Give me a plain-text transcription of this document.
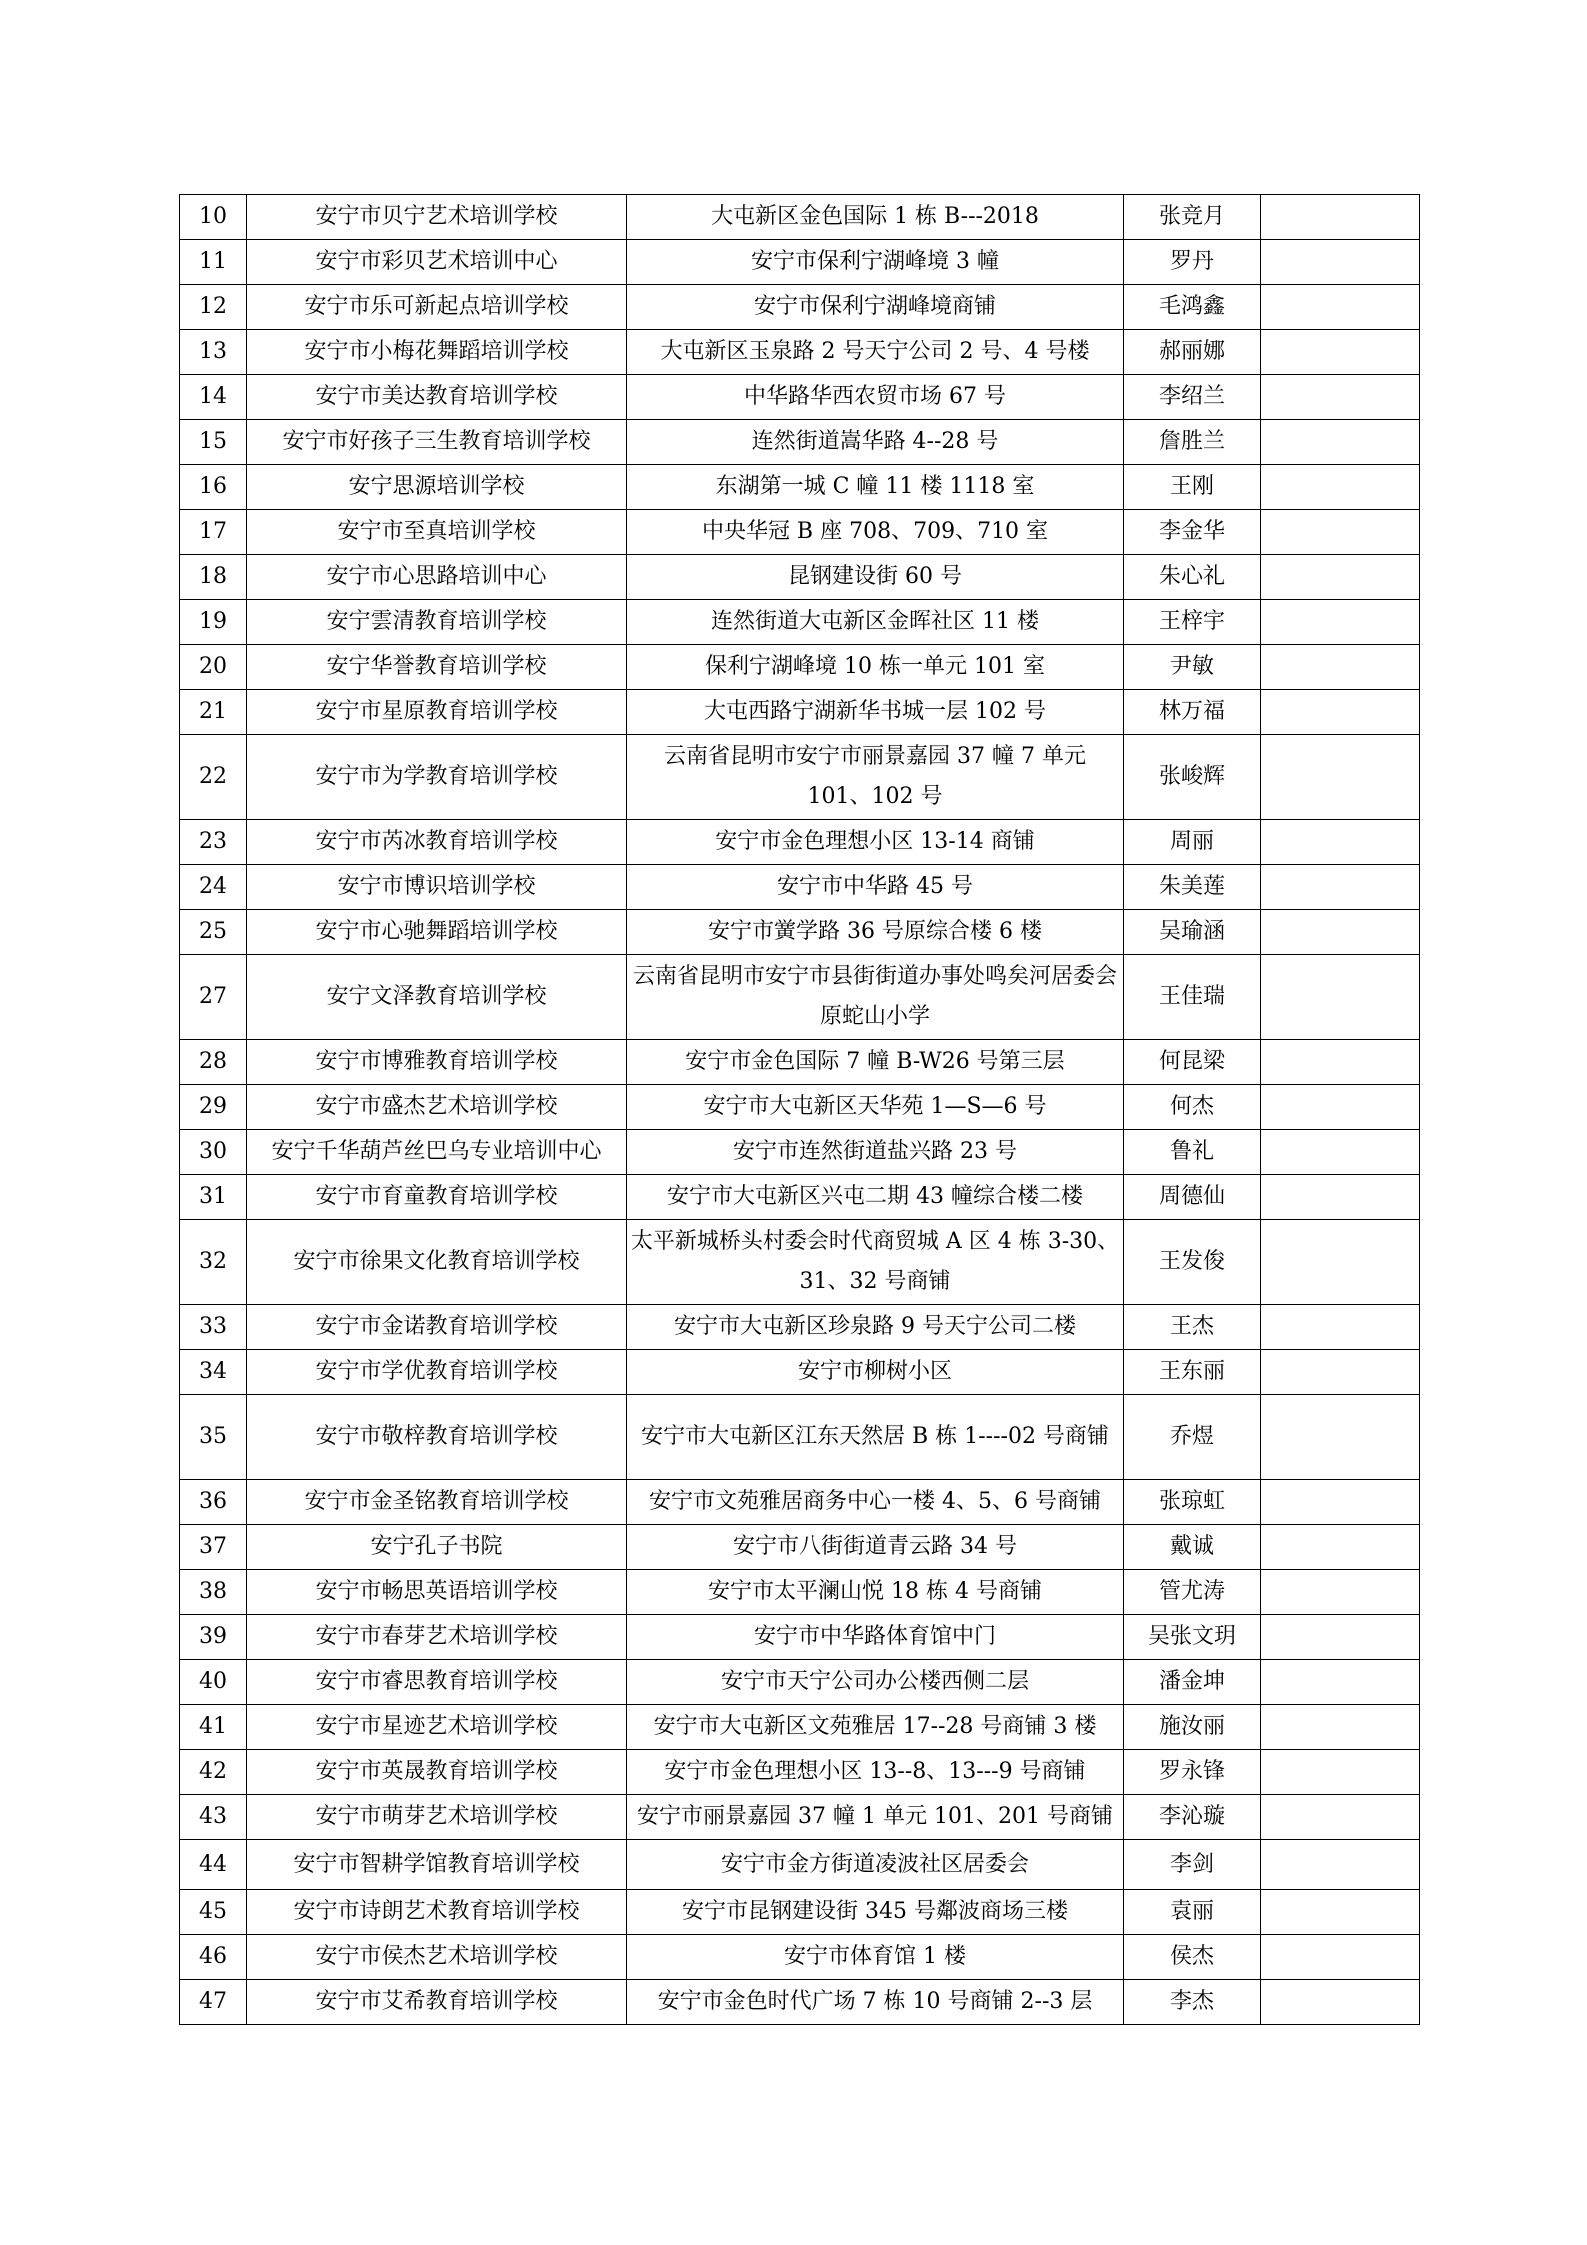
10	安宁市贝宁艺术培训学校	大屯新区金色国际 1 栋 B---2018	张竞月	
11	安宁市彩贝艺术培训中心	安宁市保利宁湖峰境 3 幢	罗丹	
12	安宁市乐可新起点培训学校	安宁市保利宁湖峰境商铺	毛鸿鑫	
13	安宁市小梅花舞蹈培训学校	大屯新区玉泉路 2 号天宁公司 2 号、4 号楼	郝丽娜	
14	安宁市美达教育培训学校	中华路华西农贸市场 67 号	李绍兰	
15	安宁市好孩子三生教育培训学校	连然街道嵩华路 4--28 号	詹胜兰	
16	安宁思源培训学校	东湖第一城 C 幢 11 楼 1118 室	王刚	
17	安宁市至真培训学校	中央华冠 B 座 708、709、710 室	李金华	
18	安宁市心思路培训中心	昆钢建设街 60 号	朱心礼	
19	安宁雲清教育培训学校	连然街道大屯新区金晖社区 11 楼	王梓宇	
20	安宁华誉教育培训学校	保利宁湖峰境 10 栋一单元 101 室	尹敏	
21	安宁市星原教育培训学校	大屯西路宁湖新华书城一层 102 号	林万福	
22	安宁市为学教育培训学校	云南省昆明市安宁市丽景嘉园 37 幢 7 单元 101、102 号	张峻辉	
23	安宁市芮冰教育培训学校	安宁市金色理想小区 13-14 商铺	周丽	
24	安宁市博识培训学校	安宁市中华路 45 号	朱美莲	
25	安宁市心驰舞蹈培训学校	安宁市黉学路 36 号原综合楼 6 楼	吴瑜涵	
27	安宁文泽教育培训学校	云南省昆明市安宁市县街街道办事处鸣矣河居委会原蛇山小学	王佳瑞	
28	安宁市博雅教育培训学校	安宁市金色国际 7 幢 B-W26 号第三层	何昆梁	
29	安宁市盛杰艺术培训学校	安宁市大屯新区天华苑 1—S—6 号	何杰	
30	安宁千华葫芦丝巴乌专业培训中心	安宁市连然街道盐兴路 23 号	鲁礼	
31	安宁市育童教育培训学校	安宁市大屯新区兴屯二期 43 幢综合楼二楼	周德仙	
32	安宁市徐果文化教育培训学校	太平新城桥头村委会时代商贸城 A 区 4 栋 3-30、31、32 号商铺	王发俊	
33	安宁市金诺教育培训学校	安宁市大屯新区珍泉路 9 号天宁公司二楼	王杰	
34	安宁市学优教育培训学校	安宁市柳树小区	王东丽	
35	安宁市敬梓教育培训学校	安宁市大屯新区江东天然居 B 栋 1----02 号商铺	乔煜	
36	安宁市金圣铭教育培训学校	安宁市文苑雅居商务中心一楼 4、5、6 号商铺	张琼虹	
37	安宁孔子书院	安宁市八街街道青云路 34 号	戴诚	
38	安宁市畅思英语培训学校	安宁市太平澜山悦 18 栋 4 号商铺	管尤涛	
39	安宁市春芽艺术培训学校	安宁市中华路体育馆中门	吴张文玥	
40	安宁市睿思教育培训学校	安宁市天宁公司办公楼西侧二层	潘金坤	
41	安宁市星迹艺术培训学校	安宁市大屯新区文苑雅居 17--28 号商铺 3 楼	施汝丽	
42	安宁市英晟教育培训学校	安宁市金色理想小区 13--8、13---9 号商铺	罗永锋	
43	安宁市萌芽艺术培训学校	安宁市丽景嘉园 37 幢 1 单元 101、201 号商铺	李沁璇	
44	安宁市智耕学馆教育培训学校	安宁市金方街道凌波社区居委会	李剑	
45	安宁市诗朗艺术教育培训学校	安宁市昆钢建设街 345 号鄰波商场三楼	袁丽	
46	安宁市侯杰艺术培训学校	安宁市体育馆 1 楼	侯杰	
47	安宁市艾希教育培训学校	安宁市金色时代广场 7 栋 10 号商铺 2--3 层	李杰	
